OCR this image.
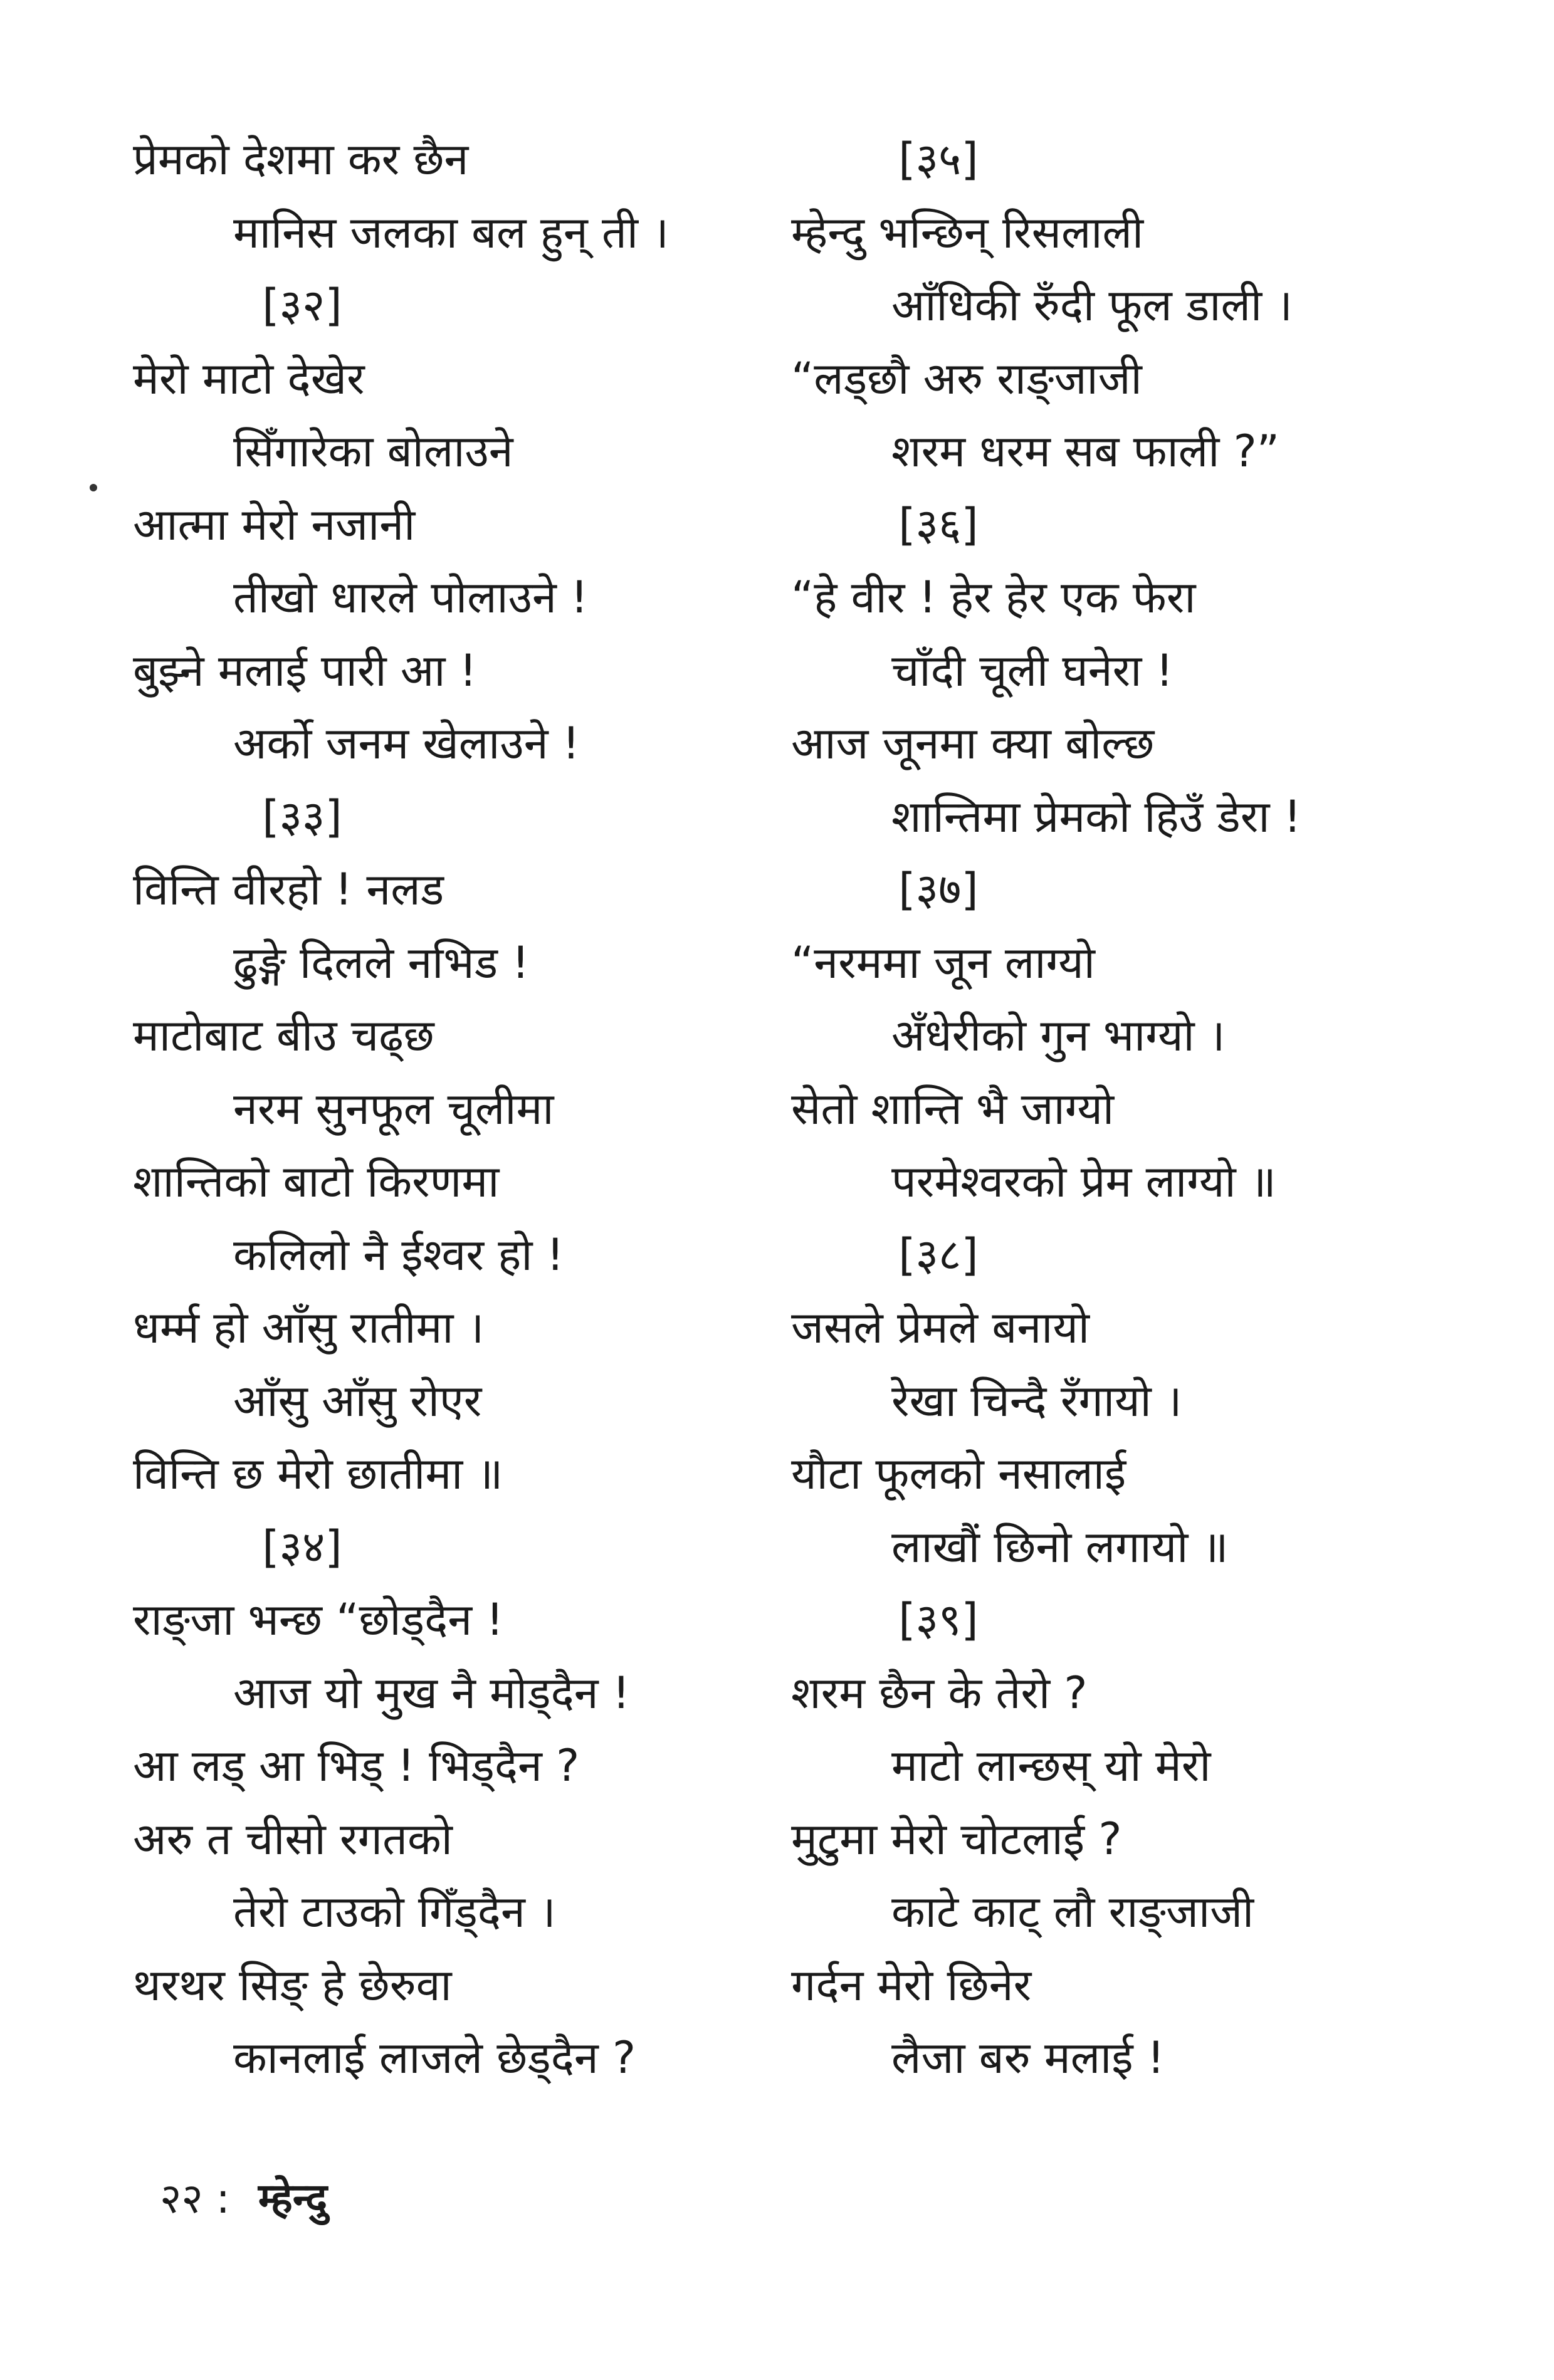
प्रेमको देशमा कर छैन
मानिस जलका बल हुन् ती ।
[३२]
मेरो माटो देखेर
सिँगारेका बोलाउने
आत्मा मेरो नजानी
तीखो धारले पोलाउने !
बुझ्ने मलाई पारी आ !
अर्को जनम खेलाउने !
[३३]
विन्ति वीरहो ! नलड
ढुङ्गे दिलले नभिड !
माटोबाट बीउ चढ्छ
नरम सुनफूल चूलीमा
शान्तिको बाटो किरणमा
कलिलो नै ईश्वर हो !
धर्म्म हो आँसु रातीमा ।
आँसु आँसु रोएर
विन्ति छ मेरो छातीमा ॥
[३४]
राङ्जा भन्छ “छोड्दैन !
आज यो मुख नै मोड्दैन !
आ लड् आ भिड् ! भिड्दैन ?
अरु त चीसो रगतको
तेरो टाउको गिँड्दैन ।
थरथर सिङ् हे छेरुवा
कानलाई लाजले छेड्दैन ?
[३५]
म्हेन्दु भन्छिन् रिसलाली
आँधिकी रुँदी फूल डाली ।
“लड्छौ अरु राङ्जाजी
शरम धरम सब फाली ?”
[३६]
“हे वीर ! हेर हेर एक फेरा
चाँदी चूली घनेरा !
आज जूनमा क्या बोल्छ
शान्तिमा प्रेमको हिउँ डेरा !
[३७]
“नरममा जून लाग्यो
अँधेरीको गुन भाग्यो ।
सेतो शान्ति भै जाग्यो
परमेश्वरको प्रेम लाग्यो ॥
[३८]
जसले प्रेमले बनायो
रेखा चिन्दै रँगायो ।
यौटा फूलको नसालाई
लाखौं छिनो लगायो ॥
[३९]
शरम छैन के तेरो ?
माटो लान्छस् यो मेरो
मुटुमा मेरो चोटलाई ?
काटे काट् लौ राङ्जाजी
गर्दन मेरो छिनेर
लैजा बरु मलाई !
२२ : म्हेन्दु
